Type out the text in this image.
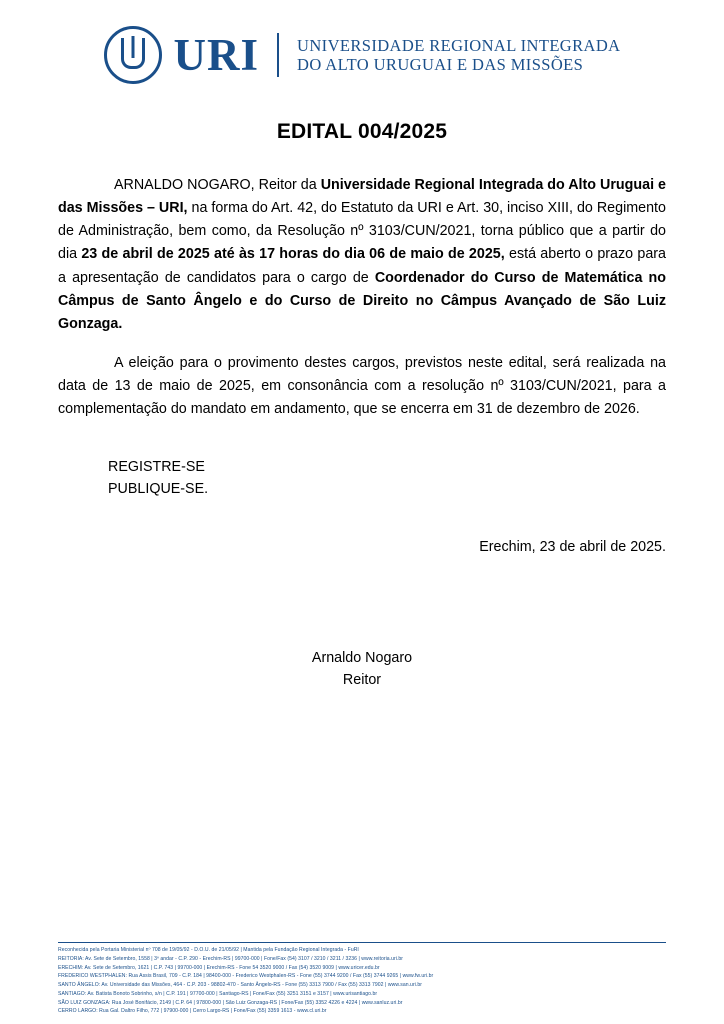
URI UNIVERSIDADE REGIONAL INTEGRADA
DO ALTO URUGUAI E DAS MISSÕES
EDITAL 004/2025

ARNALDO NOGARO, Reitor da Universidade Regional Integrada do Alto Uruguai e das Missões – URI, na forma do Art. 42, do Estatuto da URI e Art. 30, inciso XIII, do Regimento de Administração, bem como, da Resolução nº 3103/CUN/2021, torna público que a partir do dia 23 de abril de 2025 até às 17 horas do dia 06 de maio de 2025, está aberto o prazo para a apresentação de candidatos para o cargo de Coordenador do Curso de Matemática no Câmpus de Santo Ângelo e do Curso de Direito no Câmpus Avançado de São Luiz Gonzaga.

A eleição para o provimento destes cargos, previstos neste edital, será realizada na data de 13 de maio de 2025, em consonância com a resolução nº 3103/CUN/2021, para a complementação do mandato em andamento, que se encerra em 31 de dezembro de 2026.

REGISTRE-SE
PUBLIQUE-SE.
Erechim, 23 de abril de 2025.
Arnaldo Nogaro
Reitor
Reconhecida pela Portaria Ministerial nº 708 de 19/05/92 - D.O.U. de 21/05/92 | Mantida pela Fundação Regional Integrada - FuRI
REITORIA: Av. Sete de Setembro, 1558 | 3º andar - C.P. 290 - Erechim-RS | 99700-000 | Fone/Fax (54) 3107 / 3210 / 3211 / 3236 | www.reitoria.uri.br
ERECHIM: Av. Sete de Setembro, 1621 | C.P. 743 | 99700-000 | Erechim-RS - Fone 54 3520 9000 / Fax (54) 3520 9009 | www.uricer.edu.br
FREDERICO WESTPHALEN: Rua Assis Brasil, 709 - C.P. 184 | 98400-000 - Frederico Westphalen-RS - Fone (55) 3744 9200 / Fax (55) 3744 9265 | www.fw.uri.br
SANTO ÂNGELO: Av. Universidade das Missões, 464 - C.P. 203 - 98802-470 - Santo Ângelo-RS - Fone (55) 3313 7900 / Fax (55) 3313 7902 | www.san.uri.br
SANTIAGO: Av. Batista Bonoto Sobrinho, s/n | C.P. 191 | 97700-000 | Santiago-RS | Fone/Fax (55) 3251 3151 e 3157 | www.urisantiago.br
SÃO LUIZ GONZAGA: Rua José Bonifácio, 2149 | C.P. 64 | 97800-000 | São Luiz Gonzaga-RS | Fone/Fax (55) 3352 4226 e 4224 | www.sanluz.uri.br
CERRO LARGO: Rua Gal. Daltro Filho, 772 | 97900-000 | Cerro Largo-RS | Fone/Fax (55) 3359 1613 - www.cl.uri.br
